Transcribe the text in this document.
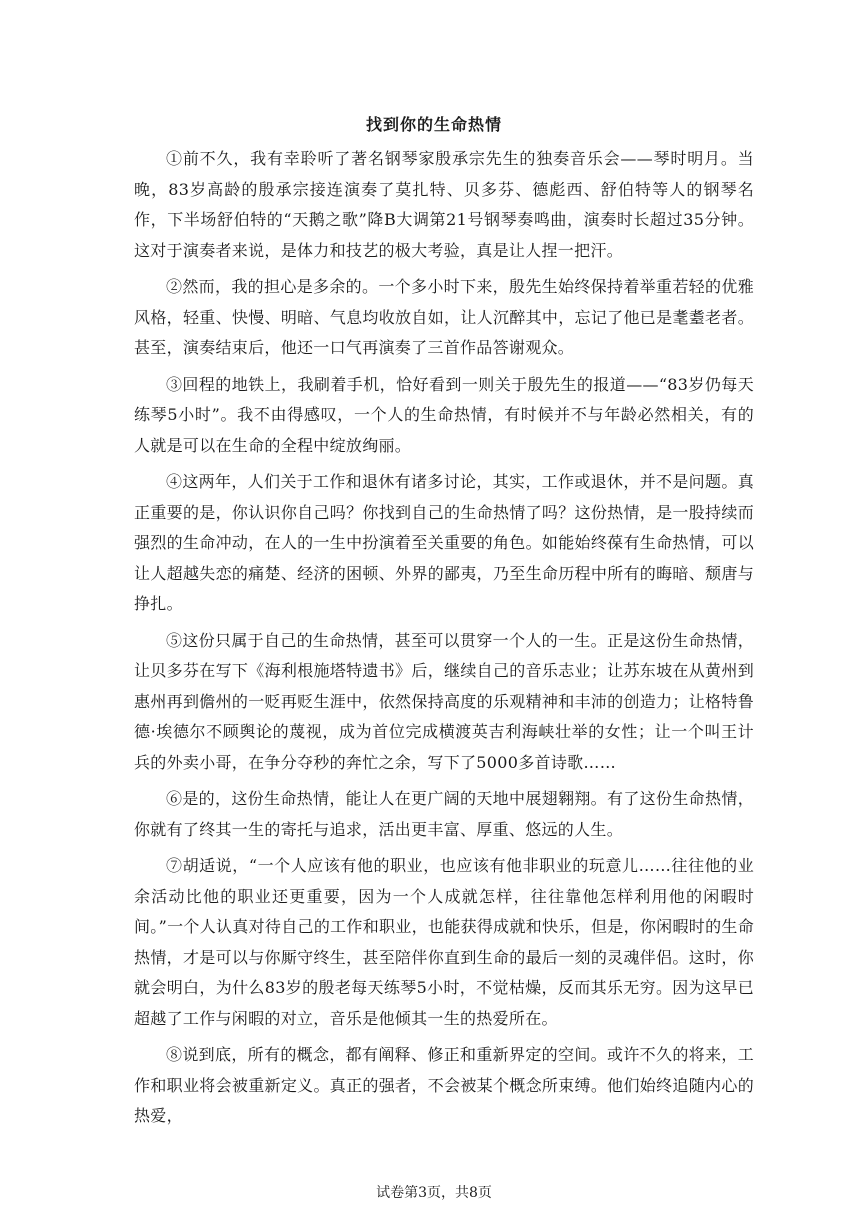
找到你的生命热情

①前不久，我有幸聆听了著名钢琴家殷承宗先生的独奏音乐会——琴时明月。当晚，83岁高龄的殷承宗接连演奏了莫扎特、贝多芬、德彪西、舒伯特等人的钢琴名作，下半场舒伯特的“天鹅之歌”降B大调第21号钢琴奏鸣曲，演奏时长超过35分钟。这对于演奏者来说，是体力和技艺的极大考验，真是让人捏一把汗。

②然而，我的担心是多余的。一个多小时下来，殷先生始终保持着举重若轻的优雅风格，轻重、快慢、明暗、气息均收放自如，让人沉醉其中，忘记了他已是耄耋老者。甚至，演奏结束后，他还一口气再演奏了三首作品答谢观众。

③回程的地铁上，我刷着手机，恰好看到一则关于殷先生的报道——“83岁仍每天练琴5小时”。我不由得感叹，一个人的生命热情，有时候并不与年龄必然相关，有的人就是可以在生命的全程中绽放绚丽。

④这两年，人们关于工作和退休有诸多讨论，其实，工作或退休，并不是问题。真正重要的是，你认识你自己吗？你找到自己的生命热情了吗？这份热情，是一股持续而强烈的生命冲动，在人的一生中扮演着至关重要的角色。如能始终葆有生命热情，可以让人超越失恋的痛楚、经济的困顿、外界的鄙夷，乃至生命历程中所有的晦暗、颓唐与挣扎。

⑤这份只属于自己的生命热情，甚至可以贯穿一个人的一生。正是这份生命热情，让贝多芬在写下《海利根施塔特遗书》后，继续自己的音乐志业；让苏东坡在从黄州到惠州再到儋州的一贬再贬生涯中，依然保持高度的乐观精神和丰沛的创造力；让格特鲁德·埃德尔不顾舆论的蔑视，成为首位完成横渡英吉利海峡壮举的女性；让一个叫王计兵的外卖小哥，在争分夺秒的奔忙之余，写下了5000多首诗歌……

⑥是的，这份生命热情，能让人在更广阔的天地中展翅翱翔。有了这份生命热情，你就有了终其一生的寄托与追求，活出更丰富、厚重、悠远的人生。

⑦胡适说，“一个人应该有他的职业，也应该有他非职业的玩意儿……往往他的业余活动比他的职业还更重要，因为一个人成就怎样，往往靠他怎样利用他的闲暇时间。”一个人认真对待自己的工作和职业，也能获得成就和快乐，但是，你闲暇时的生命热情，才是可以与你厮守终生，甚至陪伴你直到生命的最后一刻的灵魂伴侣。这时，你就会明白，为什么83岁的殷老每天练琴5小时，不觉枯燥，反而其乐无穷。因为这早已超越了工作与闲暇的对立，音乐是他倾其一生的热爱所在。

⑧说到底，所有的概念，都有阐释、修正和重新界定的空间。或许不久的将来，工作和职业将会被重新定义。真正的强者，不会被某个概念所束缚。他们始终追随内心的热爱，

试卷第3页，共8页
